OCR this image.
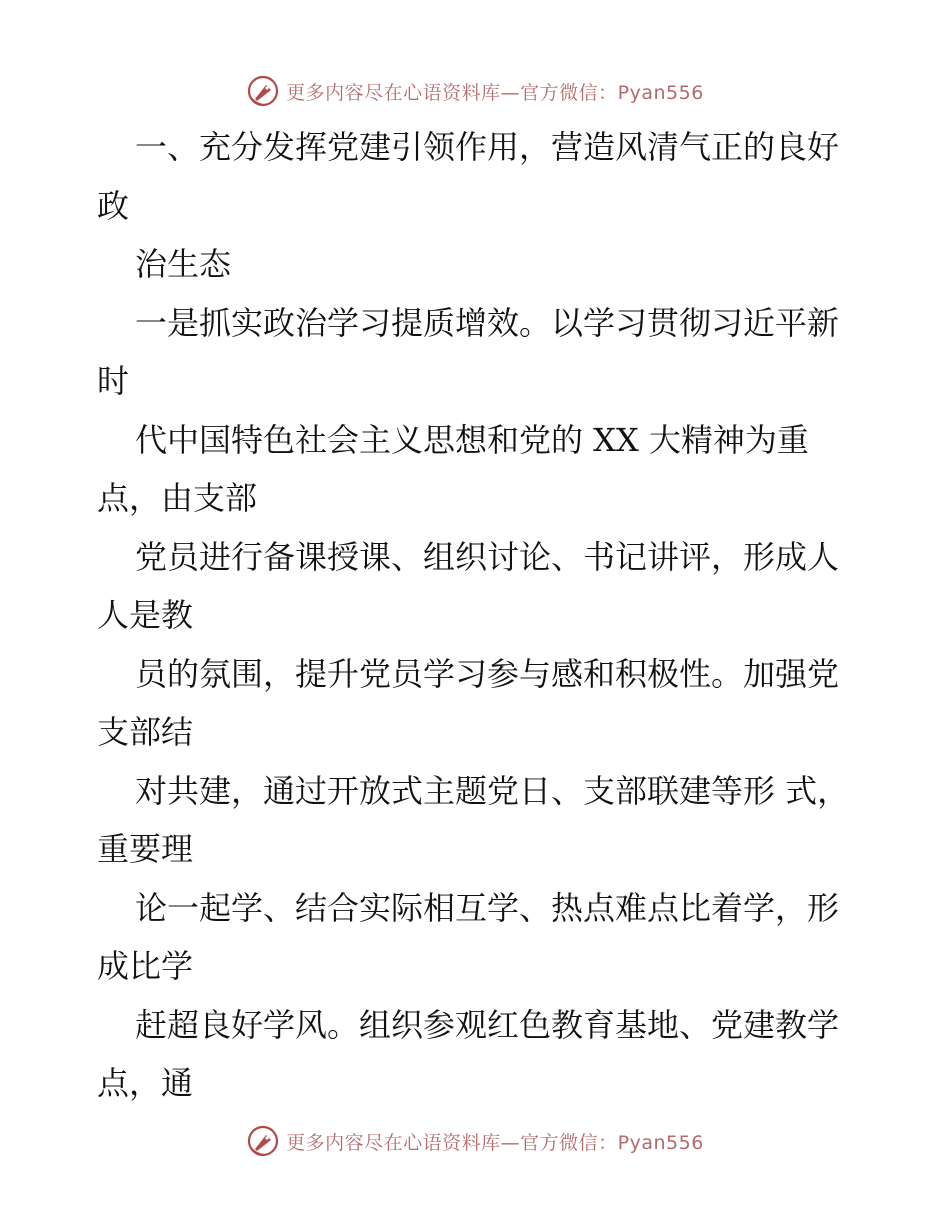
更多内容尽在心语资料库—官方微信：Pyan556

一、充分发挥党建引领作用，营造风清气正的良好政

治生态

一是抓实政治学习提质增效。以学习贯彻习近平新时

代中国特色社会主义思想和党的 XX 大精神为重点，由支部

党员进行备课授课、组织讨论、书记讲评，形成人人是教

员的氛围，提升党员学习参与感和积极性。加强党支部结

对共建，通过开放式主题党日、支部联建等形 式，重要理

论一起学、结合实际相互学、热点难点比着学，形成比学

赶超良好学风。组织参观红色教育基地、党建教学点，通

更多内容尽在心语资料库—官方微信：Pyan556
